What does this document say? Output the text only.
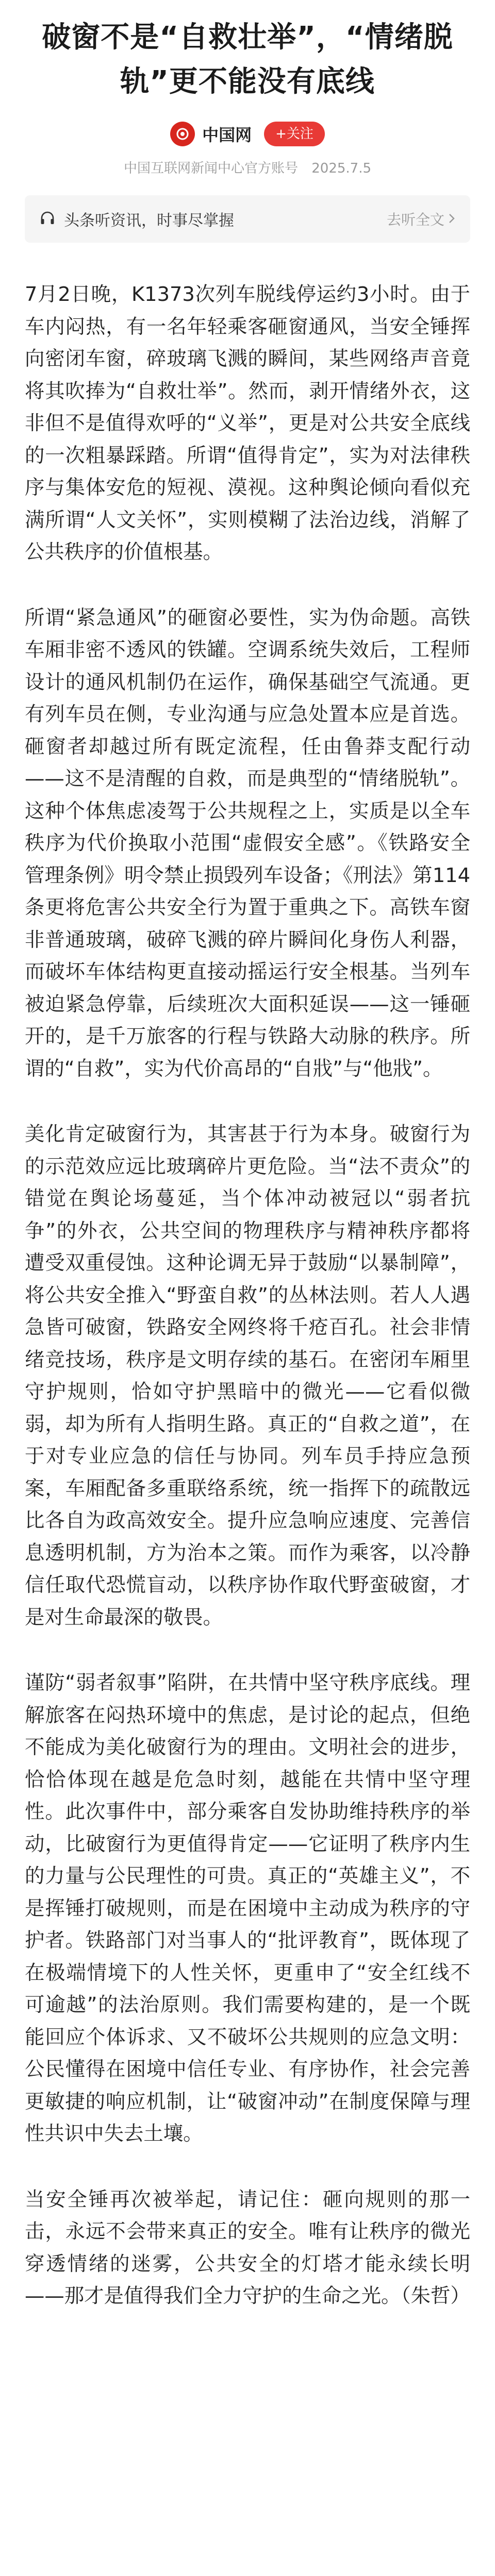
破窗不是“自救壮举”，“情绪脱轨”更不能没有底线
中国网	+关注
中国互联网新闻中心官方账号 2025.7.5
头条听资讯，时事尽掌握	去听全文

7月2日晚，K1373次列车脱线停运约3小时。由于车内闷热，有一名年轻乘客砸窗通风，当安全锤挥向密闭车窗，碎玻璃飞溅的瞬间，某些网络声音竟将其吹捧为“自救壮举”。然而，剥开情绪外衣，这非但不是值得欢呼的“义举”，更是对公共安全底线的一次粗暴踩踏。所谓“值得肯定”，实为对法律秩序与集体安危的短视、漠视。这种舆论倾向看似充满所谓“人文关怀”，实则模糊了法治边线，消解了公共秩序的价值根基。

所谓“紧急通风”的砸窗必要性，实为伪命题。高铁车厢非密不透风的铁罐。空调系统失效后，工程师设计的通风机制仍在运作，确保基础空气流通。更有列车员在侧，专业沟通与应急处置本应是首选。砸窗者却越过所有既定流程，任由鲁莽支配行动——这不是清醒的自救，而是典型的“情绪脱轨”。这种个体焦虑凌驾于公共规程之上，实质是以全车秩序为代价换取小范围“虚假安全感”。《铁路安全管理条例》明令禁止损毁列车设备；《刑法》第114条更将危害公共安全行为置于重典之下。高铁车窗非普通玻璃，破碎飞溅的碎片瞬间化身伤人利器，而破坏车体结构更直接动摇运行安全根基。当列车被迫紧急停靠，后续班次大面积延误——这一锤砸开的，是千万旅客的行程与铁路大动脉的秩序。所谓的“自救”，实为代价高昂的“自戕”与“他戕”。

美化肯定破窗行为，其害甚于行为本身。破窗行为的示范效应远比玻璃碎片更危险。当“法不责众”的错觉在舆论场蔓延，当个体冲动被冠以“弱者抗争”的外衣，公共空间的物理秩序与精神秩序都将遭受双重侵蚀。这种论调无异于鼓励“以暴制障”，将公共安全推入“野蛮自救”的丛林法则。若人人遇急皆可破窗，铁路安全网终将千疮百孔。社会非情绪竞技场，秩序是文明存续的基石。在密闭车厢里守护规则，恰如守护黑暗中的微光——它看似微弱，却为所有人指明生路。真正的“自救之道”，在于对专业应急的信任与协同。列车员手持应急预案，车厢配备多重联络系统，统一指挥下的疏散远比各自为政高效安全。提升应急响应速度、完善信息透明机制，方为治本之策。而作为乘客，以冷静信任取代恐慌盲动，以秩序协作取代野蛮破窗，才是对生命最深的敬畏。

谨防“弱者叙事”陷阱，在共情中坚守秩序底线。理解旅客在闷热环境中的焦虑，是讨论的起点，但绝不能成为美化破窗行为的理由。文明社会的进步，恰恰体现在越是危急时刻，越能在共情中坚守理性。此次事件中，部分乘客自发协助维持秩序的举动，比破窗行为更值得肯定——它证明了秩序内生的力量与公民理性的可贵。真正的“英雄主义”，不是挥锤打破规则，而是在困境中主动成为秩序的守护者。铁路部门对当事人的“批评教育”，既体现了在极端情境下的人性关怀，更重申了“安全红线不可逾越”的法治原则。我们需要构建的，是一个既能回应个体诉求、又不破坏公共规则的应急文明：公民懂得在困境中信任专业、有序协作，社会完善更敏捷的响应机制，让“破窗冲动”在制度保障与理性共识中失去土壤。

当安全锤再次被举起，请记住：砸向规则的那一击，永远不会带来真正的安全。唯有让秩序的微光穿透情绪的迷雾，公共安全的灯塔才能永续长明——那才是值得我们全力守护的生命之光。（朱哲）
